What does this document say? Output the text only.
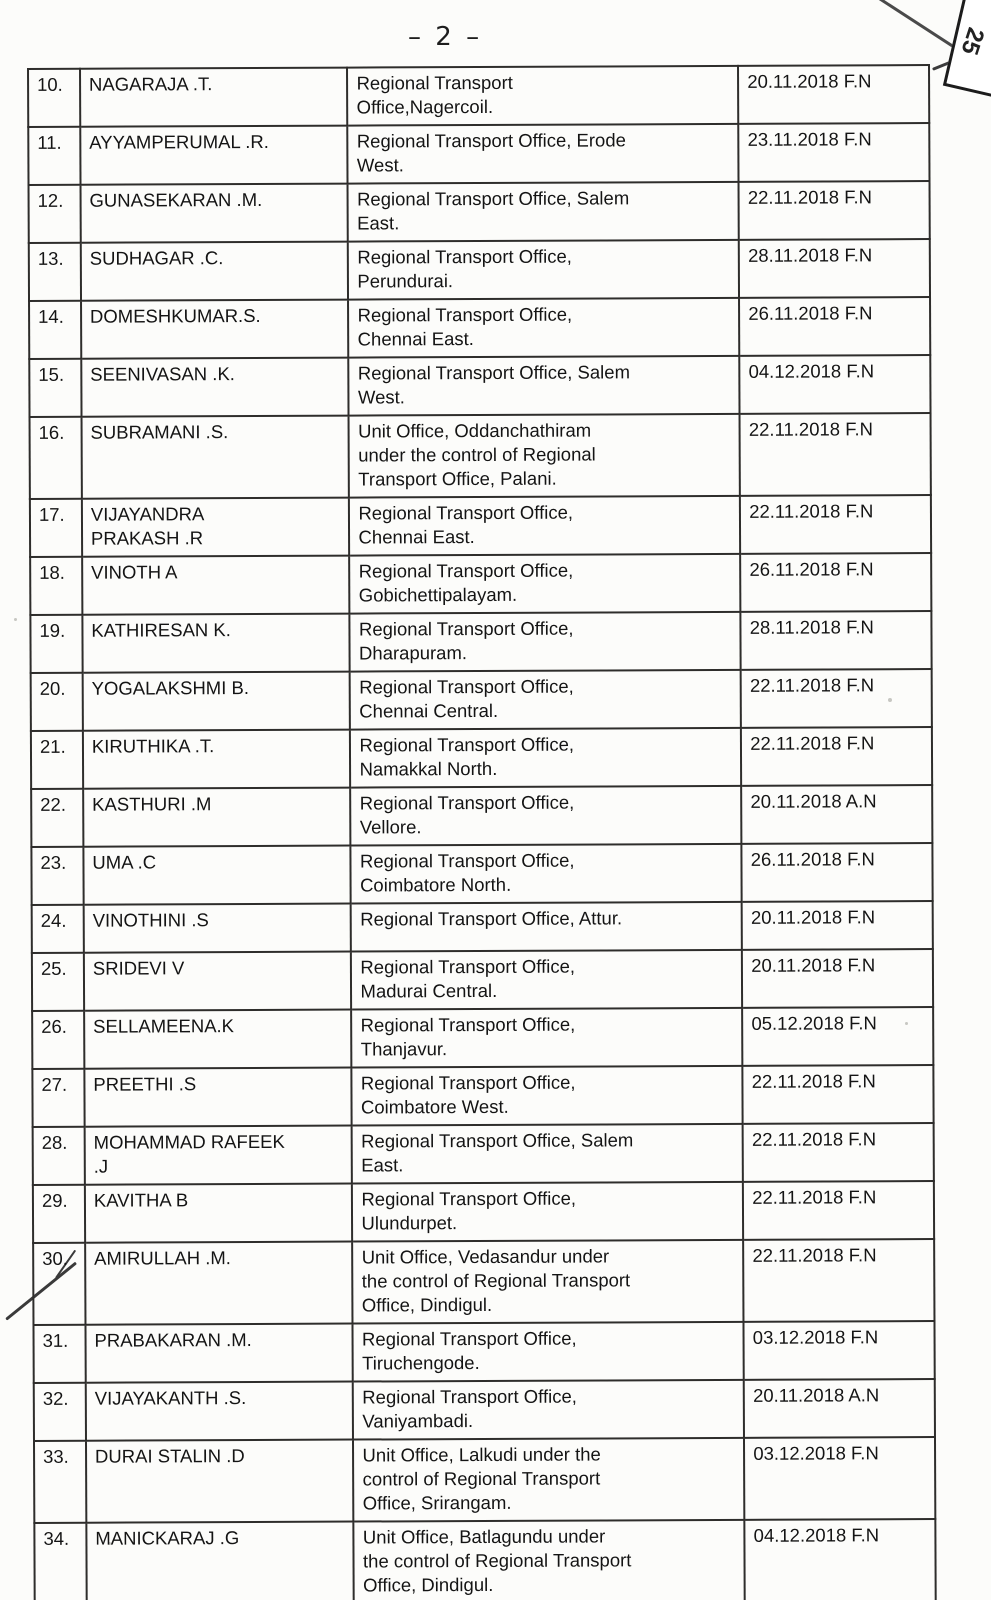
– 2 –	25
10.	NAGARAJA .T.	Regional Transport
Office,Nagercoil.	20.11.2018 F.N
11.	AYYAMPERUMAL .R.	Regional Transport Office, Erode
West.	23.11.2018 F.N
12.	GUNASEKARAN .M.	Regional Transport Office, Salem
East.	22.11.2018 F.N
13.	SUDHAGAR .C.	Regional Transport Office,
Perundurai.	28.11.2018 F.N
14.	DOMESHKUMAR.S.	Regional Transport Office,
Chennai East.	26.11.2018 F.N
15.	SEENIVASAN .K.	Regional Transport Office, Salem
West.	04.12.2018 F.N
16.	SUBRAMANI .S.	Unit Office, Oddanchathiram
under the control of Regional
Transport Office, Palani.	22.11.2018 F.N
17.	VIJAYANDRA
PRAKASH .R	Regional Transport Office,
Chennai East.	22.11.2018 F.N
18.	VINOTH A	Regional Transport Office,
Gobichettipalayam.	26.11.2018 F.N
19.	KATHIRESAN K.	Regional Transport Office,
Dharapuram.	28.11.2018 F.N
20.	YOGALAKSHMI B.	Regional Transport Office,
Chennai Central.	22.11.2018 F.N
21.	KIRUTHIKA .T.	Regional Transport Office,
Namakkal North.	22.11.2018 F.N
22.	KASTHURI .M	Regional Transport Office,
Vellore.	20.11.2018 A.N
23.	UMA .C	Regional Transport Office,
Coimbatore North.	26.11.2018 F.N
24.	VINOTHINI .S	Regional Transport Office, Attur.	20.11.2018 F.N
25.	SRIDEVI V	Regional Transport Office,
Madurai Central.	20.11.2018 F.N
26.	SELLAMEENA.K	Regional Transport Office,
Thanjavur.	05.12.2018 F.N
27.	PREETHI .S	Regional Transport Office,
Coimbatore West.	22.11.2018 F.N
28.	MOHAMMAD RAFEEK
.J	Regional Transport Office, Salem
East.	22.11.2018 F.N
29.	KAVITHA B	Regional Transport Office,
Ulundurpet.	22.11.2018 F.N
30.	AMIRULLAH .M.	Unit Office, Vedasandur under
the control of Regional Transport
Office, Dindigul.	22.11.2018 F.N
31.	PRABAKARAN .M.	Regional Transport Office,
Tiruchengode.	03.12.2018 F.N
32.	VIJAYAKANTH .S.	Regional Transport Office,
Vaniyambadi.	20.11.2018 A.N
33.	DURAI STALIN .D	Unit Office, Lalkudi under the
control of Regional Transport
Office, Srirangam.	03.12.2018 F.N
34.	MANICKARAJ .G	Unit Office, Batlagundu under
the control of Regional Transport
Office, Dindigul.	04.12.2018 F.N
